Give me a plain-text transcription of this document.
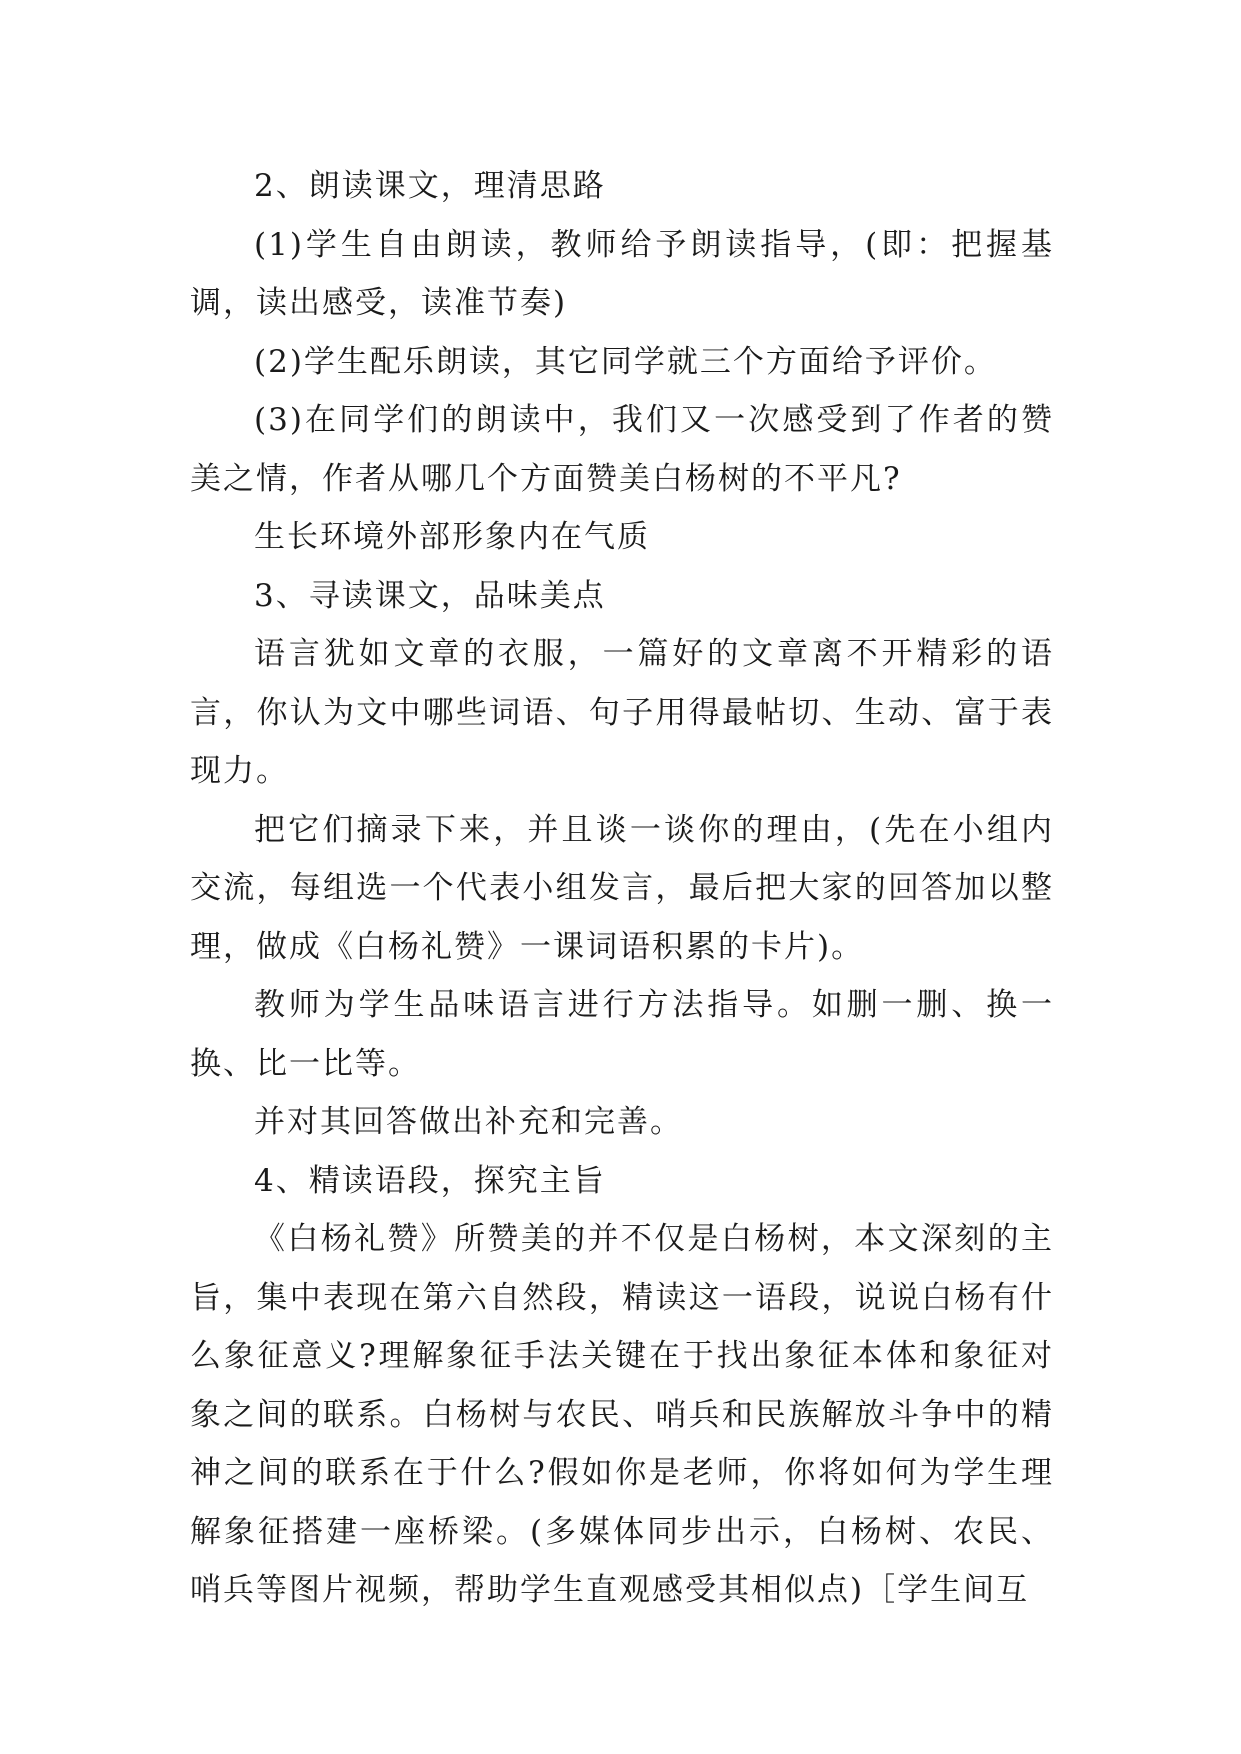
2、朗读课文，理清思路

(1)学生自由朗读，教师给予朗读指导，(即：把握基调，读出感受，读准节奏)

(2)学生配乐朗读，其它同学就三个方面给予评价。

(3)在同学们的朗读中，我们又一次感受到了作者的赞美之情，作者从哪几个方面赞美白杨树的不平凡?

生长环境外部形象内在气质

3、寻读课文，品味美点

语言犹如文章的衣服，一篇好的文章离不开精彩的语言，你认为文中哪些词语、句子用得最帖切、生动、富于表现力。

把它们摘录下来，并且谈一谈你的理由，(先在小组内交流，每组选一个代表小组发言，最后把大家的回答加以整理，做成《白杨礼赞》一课词语积累的卡片)。

教师为学生品味语言进行方法指导。如删一删、换一换、比一比等。

并对其回答做出补充和完善。

4、精读语段，探究主旨

《白杨礼赞》所赞美的并不仅是白杨树，本文深刻的主旨，集中表现在第六自然段，精读这一语段，说说白杨有什么象征意义?理解象征手法关键在于找出象征本体和象征对象之间的联系。白杨树与农民、哨兵和民族解放斗争中的精神之间的联系在于什么?假如你是老师，你将如何为学生理解象征搭建一座桥梁。(多媒体同步出示，白杨树、农民、哨兵等图片视频，帮助学生直观感受其相似点)［学生间互
